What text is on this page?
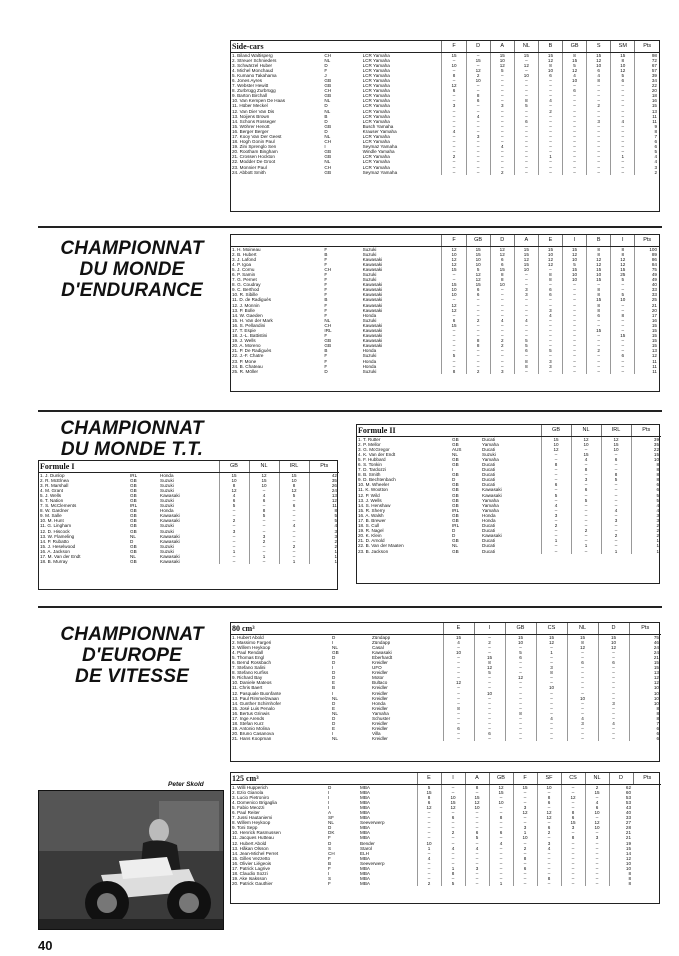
CHAMPIONNAT
DU MONDE
D'ENDURANCE
CHAMPIONNAT
DU MONDE T.T.
CHAMPIONNAT
D'EUROPE
DE VITESSE
Side-cars			F	D	A	NL	B	GB	S	SM	Pts
1. Biland Waltisperg	CH	LCR Yamaha	15	–	15	15	15	8	15	15	98
2. Streuer Schnieders	NL	LCR Yamaha	–	15	10	–	12	15	12	8	72
3. Schwärzel Huber	D	LCR Yamaha	10	–	12	12	8	5	10	10	67
4. Michel Monchaud	F	LCR Yamaha	–	12	5	–	10	12	6	12	57
5. Kumano Takahama	J	LCR Yamaha	8	2	–	10	6	4	4	5	39
6. Jones Ayres	GB	LCR Yamaha	–	10	–	–	–	10	8	6	34
7. Webster Hewitt	GB	LCR Yamaha	12	–	–	–	–	–	–	–	22
8. Zurbrügg Zurbrügg	CH	LCR Yamaha	6	–	–	–	–	6	–	–	20
9. Barton Birchall	GB	LCR Yamaha	–	8	–	–	–	–	–	–	18
10. Van Kempen De Haas	NL	LCR Yamaha	–	6	–	8	4	–	–	–	16
11. Hüber Meckel	D	LCR Yamaha	3	–	3	5	–	–	2	–	15
12. Van Dier Van Dis	NL	LCR Yamaha	–	–	–	–	2	–	–	–	13
13. Noijens Brown	B	LCR Yamaha	–	4	–	–	–	–	–	–	11
14. Schons Rosseger	D	LCR Yamaha	–	–	–	6	–	–	3	4	11
15. Wöhrer Henott	GB	Busch Yamaha	–	–	–	–	–	–	–	–	9
16. Berger Berger	D	Krauser Yamaha	4	–	–	–	–	–	–	–	8
17. Kooy Van Der Geest	NL	LCR Yamaha	–	3	–	–	–	–	–	–	7
18. Hogh Gonin Paul	CH	LCR Yamaha	–	–	–	–	–	–	–	–	6
19. Zini Sprenglo Sen	I	Seymaz Yamaha	–	–	4	–	–	–	–	–	6
20. Rootham Bingham	GB	Windle Yamaha	–	–	–	–	–	–	–	–	5
21. Crossen Hockton	GB	LCR Yamaha	2	–	–	–	1	–	–	1	4
22. Modder De Groot	NL	LCR Yamaha	–	–	–	–	–	–	–	–	4
23. Monnier Paul	CH	LCR Yamaha	–	–	–	–	–	–	–	–	3
24. Abbott Smith	GB	Seymaz Yamaha	–	–	2	–	–	–	–	–	2
			F	GB	D	A	E	I	B	I	Pts
1. H. Moineau	F	Suzuki	12	15	12	15	15	15	8	8	100
2. B. Hubert	B	Suzuki	10	15	12	15	10	12	8	8	89
3. J. Lafond	F	Kawasaki	12	10	6	12	12	10	12	12	86
4. P. Igoa	F	Kawasaki	12	10	6	15	12	5	12	12	84
5. J. Cornu	CH	Kawasaki	15	5	15	10	–	15	15	15	75
6. P. Samin	F	Suzuki	–	12	8	–	8	10	10	25	49
7. G. Pernet	F	Suzuki	–	12	8	–	8	10	15	5	49
8. G. Coudray	F	Kawasaki	15	15	10	–	–	–	–	–	40
9. C. Berthod	F	Kawasaki	10	6	–	3	6	–	8	–	33
10. R. Sibille	F	Kawasaki	10	6	–	3	6	–	8	5	33
11. D. de Radiguès	B	Kawasaki	–	–	–	–	–	–	15	10	25
12. J. Monnin	F	Kawasaki	12	–	–	–	–	–	8	–	21
13. P. Bolle	F	Kawasaki	12	–	–	–	3	–	8	–	20
14. W. Gaeden	F	Honda	–	–	–	–	4	–	6	8	17
15. H. Van der Mark	NL	Suzuki	6	2	4	4	–	–	–	–	16
16. S. Pellandini	CH	Kawasaki	15	–	–	–	–	–	–	–	15
17. T. Espie	IRL	Kawasaki	–	–	–	–	–	–	15	–	15
18. J.-L. Battistini	F	Kawasaki	–	–	–	–	–	–	–	15	15
19. J. Wells	GB	Kawasaki	–	8	2	5	–	–	–	–	15
20. A. Moreno	GB	Kawasaki	–	8	2	5	–	–	–	–	15
21. P. De Radiguès	B	Honda	–	–	–	6	5	–	2	–	13
22. J.-F. Chatre	F	Suzuki	5	–	–	–	–	–	–	6	12
23. P. Mone	F	Honda	–	–	–	8	3	–	–	–	11
24. B. Chateau	F	Honda	–	–	–	8	3	–	–	–	11
25. R. Möller	D	Suzuki	8	2	3	–	–	–	–	–	11
Formule I			GB	NL	IRL	Pts
1. J. Dunlop	IRL	Honda	15	12	15	42
2. R. McElnea	GB	Suzuki	10	15	10	35
3. R. Marshall	GB	Suzuki	8	10	8	26
4. M. Grant	GB	Suzuki	12	–	12	24
5. J. Wells	GB	Kawasaki	4	4	5	13
6. T. Nation	GB	Suzuki	6	6	–	12
7. S. McClements	IRL	Suzuki	5	–	6	11
8. W. Gardner	GB	Honda	–	8	–	8
9. M. Salle	GB	Kawasaki	–	5	–	5
10. M. Hunt	GB	Kawasaki	2	–	–	5
11. G. Lingham	GB	Suzuki	–	–	4	4
12. D. Hiscock	GB	Suzuki	3	–	–	3
13. W. Flameling	NL	Kawasaki	–	3	–	3
14. P. Rubatto	D	Kawasaki	–	2	–	2
15. J. Heselwood	GB	Suzuki	–	–	2	2
16. A. Jackson	GB	Suzuki	1	–	–	1
17. M. Van der Endt	NL	Kawasaki	–	1	–	1
18. B. Murray	GB	Kawasaki	–	–	1	1
Formule II			GB	NL	IRL	Pts
1. T. Rutter	GB	Ducati	15	12	12	39
2. P. Mellor	GB	Yamaha	10	10	15	35
3. G. McGregor	AUS	Ducati	12	–	10	22
4. K. Van der Endt	NL	Suzuki	–	15	–	15
5. F. Hubbard	GB	Yamaha	–	4	6	10
6. S. Tonkin	GB	Ducati	8	–	–	8
7. D. Tardozzi	I	Ducati	–	8	–	8
8. B. Smith	GB	Ducati	–	–	8	8
9. D. Bechtenbach	D	Ducati	–	3	5	8
10. M. Wheeler	GB	Ducati	6	–	–	6
11. K. Wootton	GB	Kawasaki	–	6	–	6
12. P. Wild	GB	Kawasaki	5	–	–	5
13. J. Wells	GB	Yamaha	–	5	–	5
14. S. Henshaw	GB	Yamaha	4	–	–	4
15. R. Sherry	IRL	Yamaha	–	–	4	4
16. A. Walsh	GB	Honda	3	–	–	3
17. B. Brewer	GB	Honda	–	–	3	3
18. S. Cull	IRL	Ducati	2	–	–	2
19. R. Nagel	D	Ducati	–	2	–	2
20. K. Klein	D	Kawasaki	–	–	2	2
21. D. Arnold	GB	Ducati	1	–	–	1
22. B. Van der Maaten	NL	Ducati	–	1	–	1
23. B. Jackson	GB	Ducati	–	–	1	1
80 cm³			E	I	GB	CS	NL	D	Pts
1. Hubert Abold	D	Zündapp	15	–	15	15	15	15	75
2. Massimo Fargeri	I	Zündapp	4	2	10	12	8	10	46
3. Willem Heykoop	NL	Casal	–	–	–	–	12	12	24
4. Paul Rendall	GB	Kawasaki	10	–	5	1	–	–	24
5. Thomas Engl	D	Eberhardt	–	15	6	–	–	–	21
6. Bernd Rossbach	D	Kreidler	–	8	–	–	6	6	15
7. Stefano Salini	I	UFO	–	12	–	3	–	–	15
8. Stefano Kurfiss	D	Kreidler	–	5	–	8	–	–	13
9. Richard Bay	D	Motor	–	–	12	–	–	–	12
10. Daniele Mateos	E	Bultaco	12	–	–	–	–	–	12
11. Chris Baert	B	Kreidler	–	–	–	10	–	–	10
12. Pasquale Buonfante	I	Kreidler	–	10	–	–	–	–	10
13. Paul Rimmelzwaan	NL	Kreidler	–	–	–	–	10	–	10
14. Gunther Schirnhofer	D	Honda	–	–	–	–	–	3	10
15. José Luis Penalo	E	Kreidler	8	–	–	–	–	–	8
16. Bertus Grinwis	NL	Yamaha	–	–	8	–	–	–	8
17. Inge Arends	D	Schuster	–	–	–	4	4	–	8
18. Stefan Kurz	D	Kreidler	–	–	–	–	3	4	7
19. Antonio Molina	E	Kreidler	6	–	–	–	–	–	6
20. Bruno Casanova	I	Villa	–	6	–	–	–	–	6
21. Hans Koopman	NL	Kreidler	–	–	–	–	–	–	6
125 cm³			E	I	A	GB	F	SF	CS	NL	D	Pts
1. Willi Hupperich	D	MBA	5	–	8	12	15	10	–	2	62	
2. Ezio Gianola	I	MBA	15	–	–	15	–	–	–	15	60	
3. Lucio Pietroniro	I	MBA	8	10	15	–	–	8	12	–	53	
4. Domenico Brigaglia	I	MBA	6	15	12	10	–	6	–	4	53	
5. Fabio Meozzi	I	MBA	12	12	10	–	3	–	–	6	43	
6. Paul Reiter	A	MBA	–	–	–	–	12	12	8	10	40	
7. Jussi Hautaniemi	SF	MBA	–	6	–	8	–	12	6	–	33	
8. Willem Heykoop	NL	Seeverwerp	–	–	–	–	–	–	15	12	27	
9. Toni Sepp	D	MBA	–	–	–	–	3	6	3	10	28	
10. Henrick Rasmussen	DK	MBA	–	2	6	6	1	2	–	–	21	
11. Jacques Hutteau	F	MBA	–	–	5	–	10	–	8	3	21	
12. Hubert Abold	D	Bender	10	–	–	4	–	3	–	–	19	
13. Håkan Olsson	S	Starol	1	4	4	–	2	4	–	–	15	
14. Jean-Michel Perret	CH	ELH	–	–	–	–	–	–	–	–	14	
15. Gilles Vezzetto	F	MBA	4	–	–	–	8	–	–	–	12	
16. Olivier Liégeois	B	Seeverwerp	–	–	–	–	–	–	–	–	10	
17. Patrick Lagrive	F	MBA	–	1	3	–	6	–	–	–	10	
18. Claudio Sozzi	I	MBA	–	8	–	–	–	–	–	–	8	
19. Ake Isaksson	S	MBA	–	–	–	–	–	8	–	–	8	
20. Patrick Gauthier	F	MBA	2	5	–	1	–	–	–	–	8	
Peter Skold
40
